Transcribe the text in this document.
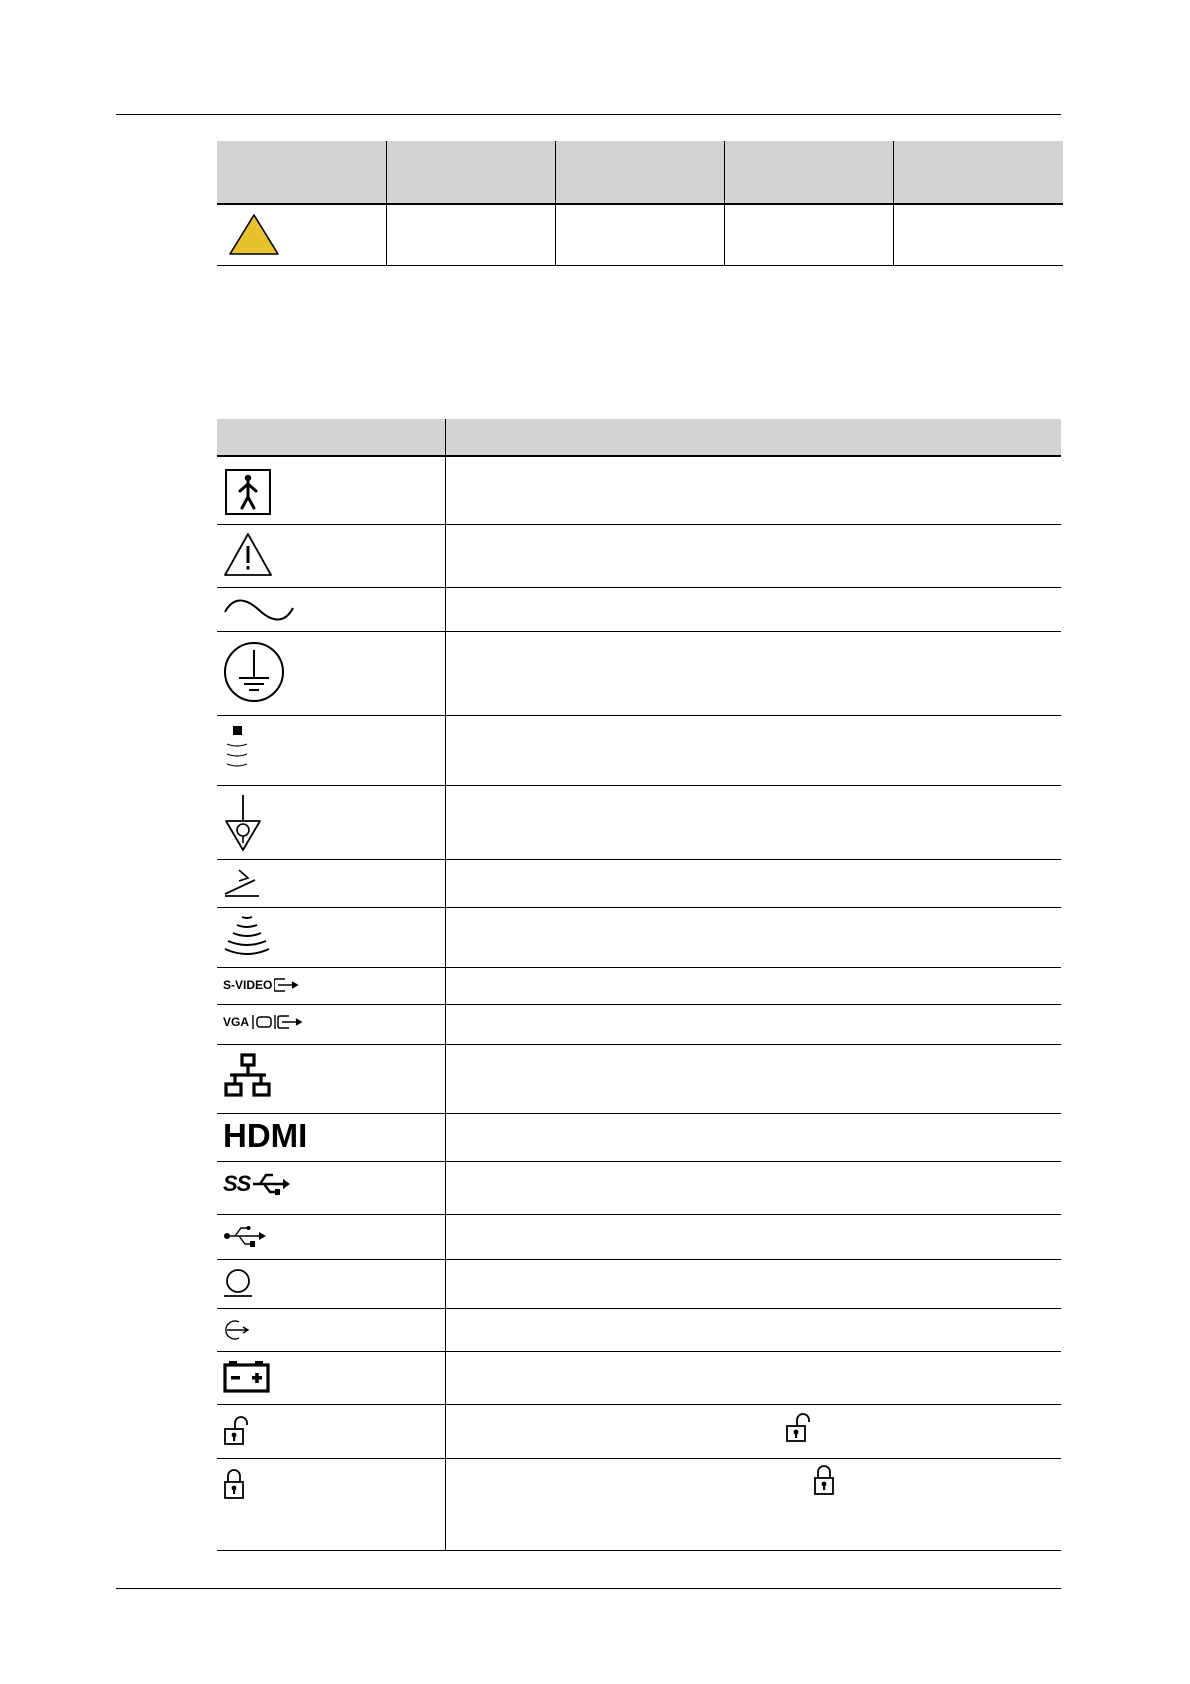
S-VIDEO	

VGA	

HDMI	

SS	
